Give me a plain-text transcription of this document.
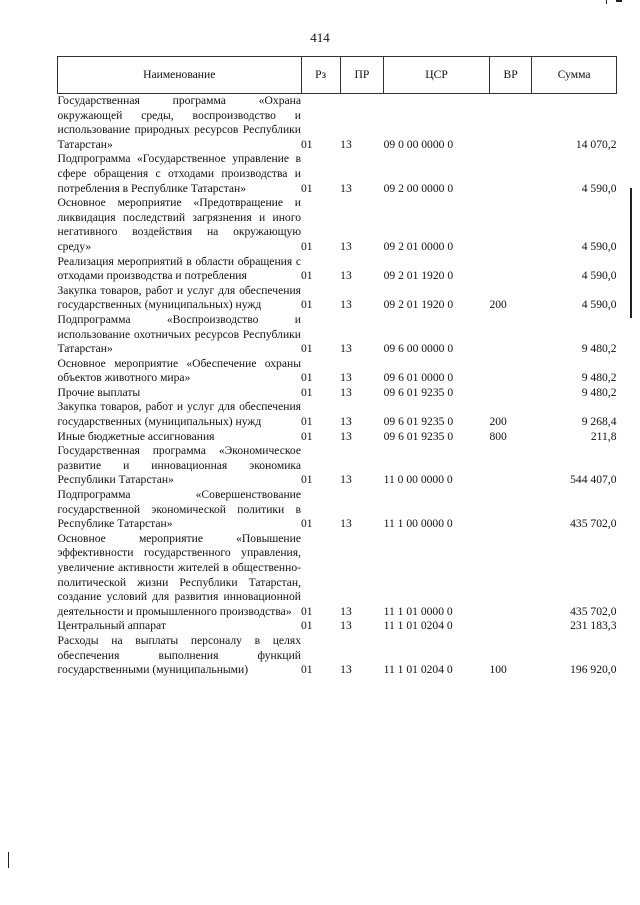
414
Наименование	Рз	ПР	ЦСР	ВР	Сумма
Государственная программа «Охрана окружающей среды, воспроизводство и использование природных ресурсов Республики Татарстан»	01	13	09 0 00 0000 0		14 070,2
Подпрограмма «Государственное управление в сфере обращения с отходами производства и потребления в Республике Татарстан»	01	13	09 2 00 0000 0		4 590,0
Основное мероприятие «Предотвращение и ликвидация последствий загрязнения и иного негативного воздействия на окружающую среду»	01	13	09 2 01 0000 0		4 590,0
Реализация мероприятий в области обращения с отходами производства и потребления	01	13	09 2 01 1920 0		4 590,0
Закупка товаров, работ и услуг для обеспечения государственных (муниципальных) нужд	01	13	09 2 01 1920 0	200	4 590,0
Подпрограмма «Воспроизводство и использование охотничьих ресурсов Республики Татарстан»	01	13	09 6 00 0000 0		9 480,2
Основное мероприятие «Обеспечение охраны объектов животного мира»	01	13	09 6 01 0000 0		9 480,2
Прочие выплаты	01	13	09 6 01 9235 0		9 480,2
Закупка товаров, работ и услуг для обеспечения государственных (муниципальных) нужд	01	13	09 6 01 9235 0	200	9 268,4
Иные бюджетные ассигнования	01	13	09 6 01 9235 0	800	211,8
Государственная программа «Экономическое развитие и инновационная экономика Республики Татарстан»	01	13	11 0 00 0000 0		544 407,0
Подпрограмма «Совершенствование государственной экономической политики в Республике Татарстан»	01	13	11 1 00 0000 0		435 702,0
Основное мероприятие «Повышение эффективности государственного управления, увеличение активности жителей в общественно-политической жизни Республики Татарстан, создание условий для развития инновационной деятельности и промышленного производства»	01	13	11 1 01 0000 0		435 702,0
Центральный аппарат	01	13	11 1 01 0204 0		231 183,3
Расходы на выплаты персоналу в целях обеспечения выполнения функций государственными (муниципальными)	01	13	11 1 01 0204 0	100	196 920,0
